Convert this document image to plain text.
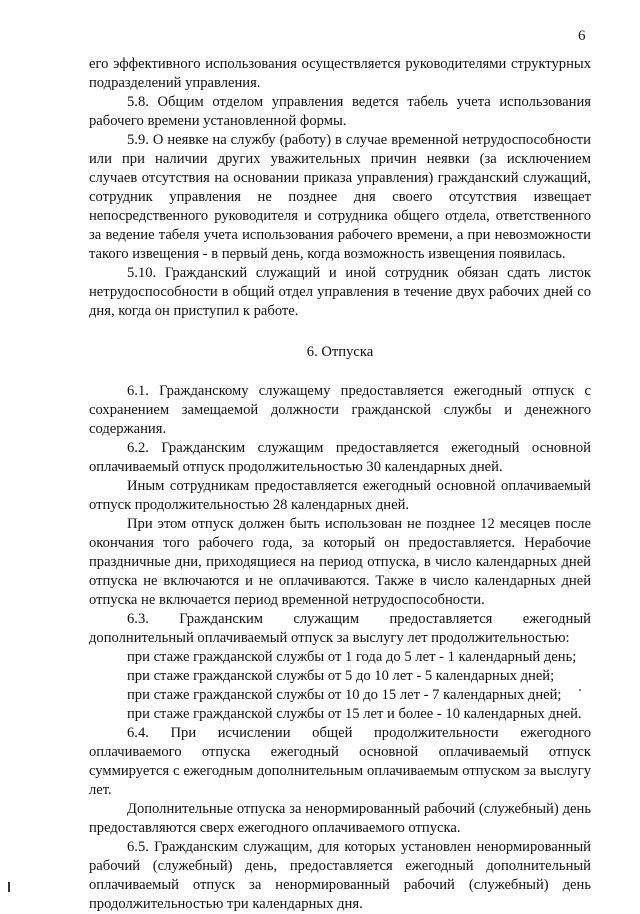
6

его эффективного использования осуществляется руководителями структурных подразделений управления.

5.8. Общим отделом управления ведется табель учета использования рабочего времени установленной формы.

5.9. О неявке на службу (работу) в случае временной нетрудоспособности или при наличии других уважительных причин неявки (за исключением случаев отсутствия на основании приказа управления) гражданский служащий, сотрудник управления не позднее дня своего отсутствия извещает непосредственного руководителя и сотрудника общего отдела, ответственного за ведение табеля учета использования рабочего времени, а при невозможности такого извещения - в первый день, когда возможность извещения появилась.

5.10. Гражданский служащий и иной сотрудник обязан сдать листок нетрудоспособности в общий отдел управления в течение двух рабочих дней со дня, когда он приступил к работе.

6. Отпуска

6.1. Гражданскому служащему предоставляется ежегодный отпуск с сохранением замещаемой должности гражданской службы и денежного содержания.

6.2. Гражданским служащим предоставляется ежегодный основной оплачиваемый отпуск продолжительностью 30 календарных дней.

Иным сотрудникам предоставляется ежегодный основной оплачиваемый отпуск продолжительностью 28 календарных дней.

При этом отпуск должен быть использован не позднее 12 месяцев после окончания того рабочего года, за который он предоставляется. Нерабочие праздничные дни, приходящиеся на период отпуска, в число календарных дней отпуска не включаются и не оплачиваются. Также в число календарных дней отпуска не включается период временной нетрудоспособности.

6.3. Гражданским служащим предоставляется ежегодный дополнительный оплачиваемый отпуск за выслугу лет продолжительностью:

при стаже гражданской службы от 1 года до 5 лет - 1 календарный день;

при стаже гражданской службы от 5 до 10 лет - 5 календарных дней;

при стаже гражданской службы от 10 до 15 лет - 7 календарных дней;

при стаже гражданской службы от 15 лет и более - 10 календарных дней.

6.4. При исчислении общей продолжительности ежегодного оплачиваемого отпуска ежегодный основной оплачиваемый отпуск суммируется с ежегодным дополнительным оплачиваемым отпуском за выслугу лет.

Дополнительные отпуска за ненормированный рабочий (служебный) день предоставляются сверх ежегодного оплачиваемого отпуска.

6.5. Гражданским служащим, для которых установлен ненормированный рабочий (служебный) день, предоставляется ежегодный дополнительный оплачиваемый отпуск за ненормированный рабочий (служебный) день продолжительностью три календарных дня.
